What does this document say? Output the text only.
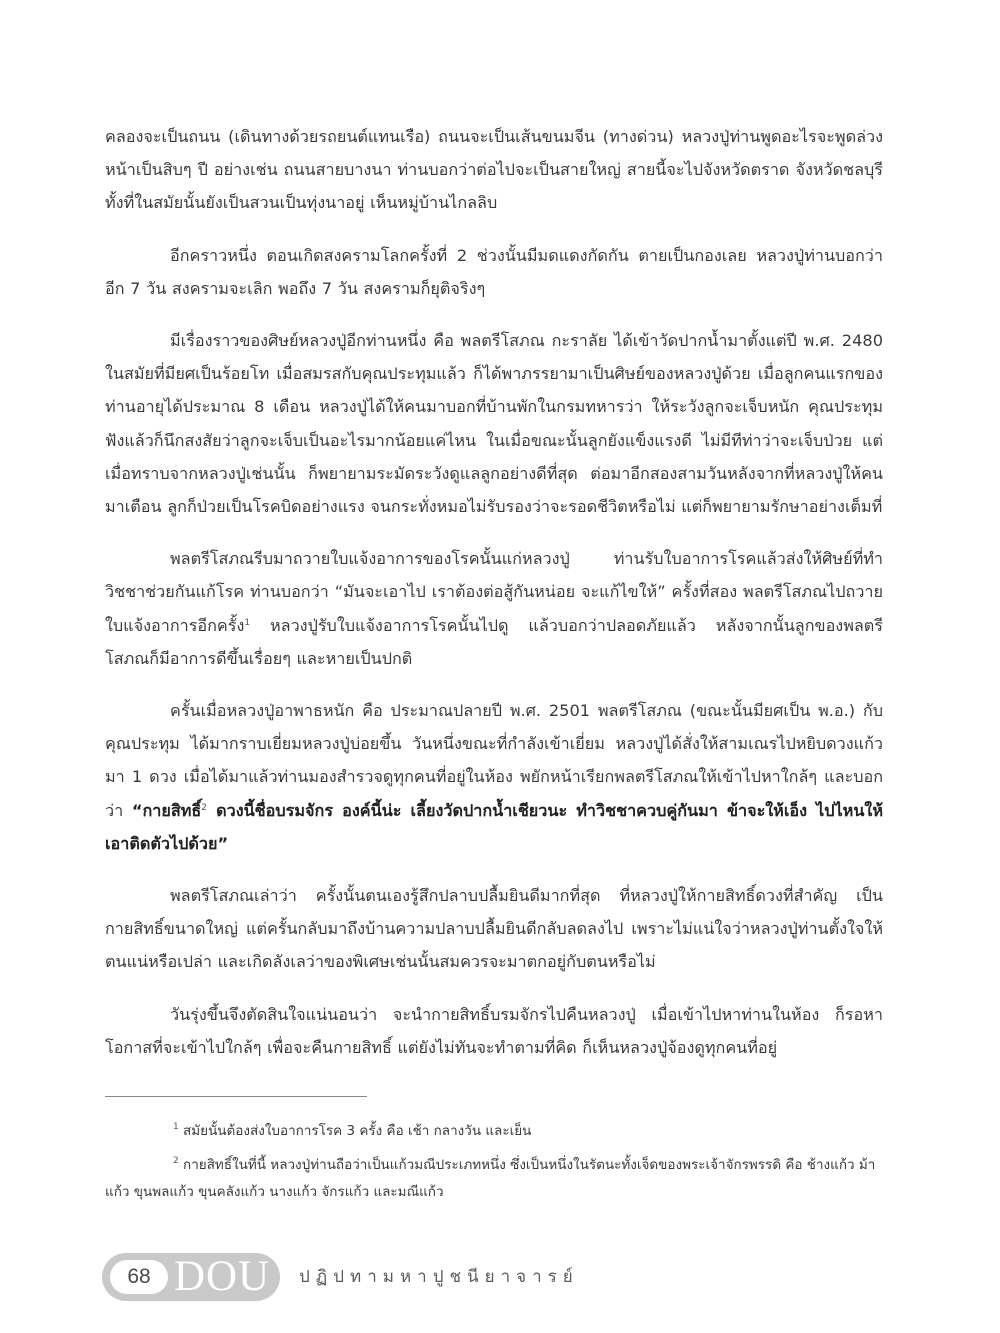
คลองจะเป็นถนน (เดินทางด้วยรถยนต์แทนเรือ) ถนนจะเป็นเส้นขนมจีน (ทางด่วน) หลวงปู่ท่านพูดอะไรจะพูดล่วงหน้าเป็นสิบๆ ปี อย่างเช่น ถนนสายบางนา ท่านบอกว่าต่อไปจะเป็นสายใหญ่ สายนี้จะไปจังหวัดตราด จังหวัดชลบุรี ทั้งที่ในสมัยนั้นยังเป็นสวนเป็นทุ่งนาอยู่ เห็นหมู่บ้านไกลลิบ

อีกคราวหนึ่ง ตอนเกิดสงครามโลกครั้งที่ 2 ช่วงนั้นมีมดแดงกัดกัน ตายเป็นกองเลย หลวงปู่ท่านบอกว่า อีก 7 วัน สงครามจะเลิก พอถึง 7 วัน สงครามก็ยุติจริงๆ

มีเรื่องราวของศิษย์หลวงปู่อีกท่านหนึ่ง คือ พลตรีโสภณ กะราลัย ได้เข้าวัดปากน้ำมาตั้งแต่ปี พ.ศ. 2480 ในสมัยที่มียศเป็นร้อยโท เมื่อสมรสกับคุณประทุมแล้ว ก็ได้พาภรรยามาเป็นศิษย์ของหลวงปู่ด้วย เมื่อลูกคนแรกของท่านอายุได้ประมาณ 8 เดือน หลวงปู่ได้ให้คนมาบอกที่บ้านพักในกรมทหารว่า ให้ระวังลูกจะเจ็บหนัก คุณประทุมฟังแล้วก็นึกสงสัยว่าลูกจะเจ็บเป็นอะไรมากน้อยแค่ไหน ในเมื่อขณะนั้นลูกยังแข็งแรงดี ไม่มีทีท่าว่าจะเจ็บป่วย แต่เมื่อทราบจากหลวงปู่เช่นนั้น ก็พยายามระมัดระวังดูแลลูกอย่างดีที่สุด ต่อมาอีกสองสามวันหลังจากที่หลวงปู่ให้คนมาเตือน ลูกก็ป่วยเป็นโรคบิดอย่างแรง จนกระทั่งหมอไม่รับรองว่าจะรอดชีวิตหรือไม่ แต่ก็พยายามรักษาอย่างเต็มที่

พลตรีโสภณรีบมาถวายใบแจ้งอาการของโรคนั้นแก่หลวงปู่ ท่านรับใบอาการโรคแล้วส่งให้ศิษย์ที่ทำวิชชาช่วยกันแก้โรค ท่านบอกว่า “มันจะเอาไป เราต้องต่อสู้กันหน่อย จะแก้ไขให้” ครั้งที่สอง พลตรีโสภณไปถวายใบแจ้งอาการอีกครั้ง$^1$ หลวงปู่รับใบแจ้งอาการโรคนั้นไปดู แล้วบอกว่าปลอดภัยแล้ว หลังจากนั้นลูกของพลตรีโสภณก็มีอาการดีขึ้นเรื่อยๆ และหายเป็นปกติ

ครั้นเมื่อหลวงปู่อาพาธหนัก คือ ประมาณปลายปี พ.ศ. 2501 พลตรีโสภณ (ขณะนั้นมียศเป็น พ.อ.) กับคุณประทุม ได้มากราบเยี่ยมหลวงปู่บ่อยขึ้น วันหนึ่งขณะที่กำลังเข้าเยี่ยม หลวงปู่ได้สั่งให้สามเณรไปหยิบดวงแก้วมา 1 ดวง เมื่อได้มาแล้วท่านมองสำรวจดูทุกคนที่อยู่ในห้อง พยักหน้าเรียกพลตรีโสภณให้เข้าไปหาใกล้ๆ และบอกว่า “กายสิทธิ์$^2$ ดวงนี้ชื่อบรมจักร องค์นี้น่ะ เลี้ยงวัดปากน้ำเชียวนะ ทำวิชชาควบคู่กันมา ข้าจะให้เอ็ง ไปไหนให้เอาติดตัวไปด้วย”

พลตรีโสภณเล่าว่า ครั้งนั้นตนเองรู้สึกปลาบปลื้มยินดีมากที่สุด ที่หลวงปู่ให้กายสิทธิ์ดวงที่สำคัญ เป็นกายสิทธิ์ขนาดใหญ่ แต่ครั้นกลับมาถึงบ้านความปลาบปลื้มยินดีกลับลดลงไป เพราะไม่แน่ใจว่าหลวงปู่ท่านตั้งใจให้ตนแน่หรือเปล่า และเกิดลังเลว่าของพิเศษเช่นนั้นสมควรจะมาตกอยู่กับตนหรือไม่

วันรุ่งขึ้นจึงตัดสินใจแน่นอนว่า จะนำกายสิทธิ์บรมจักรไปคืนหลวงปู่ เมื่อเข้าไปหาท่านในห้อง ก็รอหาโอกาสที่จะเข้าไปใกล้ๆ เพื่อจะคืนกายสิทธิ์ แต่ยังไม่ทันจะทำตามที่คิด ก็เห็นหลวงปู่จ้องดูทุกคนที่อยู่

$^1$ สมัยนั้นต้องส่งใบอาการโรค 3 ครั้ง คือ เช้า กลางวัน และเย็น

$^2$ กายสิทธิ์ในที่นี้ หลวงปู่ท่านถือว่าเป็นแก้วมณีประเภทหนึ่ง ซึ่งเป็นหนึ่งในรัตนะทั้งเจ็ดของพระเจ้าจักรพรรดิ คือ ช้างแก้ว ม้าแก้ว ขุนพลแก้ว ขุนคลังแก้ว นางแก้ว จักรแก้ว และมณีแก้ว

68 DOU ปฏิปทามหาปูชนียาจารย์
